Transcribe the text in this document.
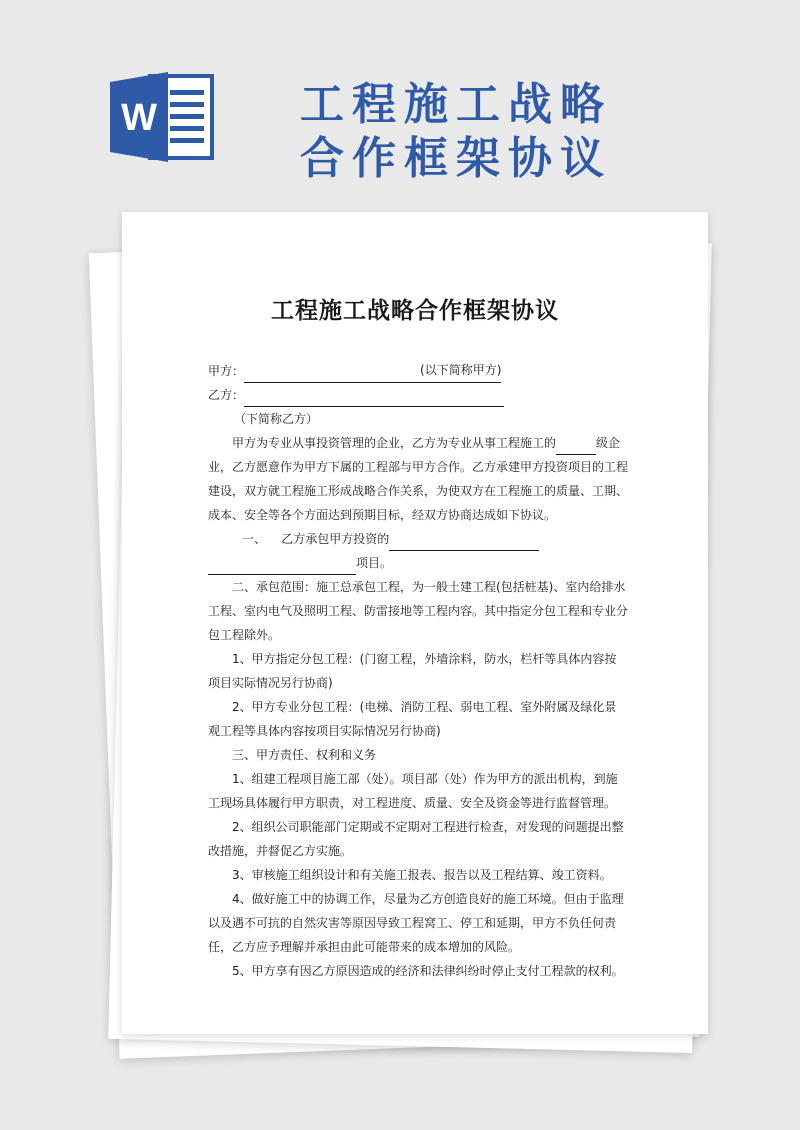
W	工程施工战略
合作框架协议
工程施工战略合作框架协议

甲方：	(以下简称甲方)

乙方：

（下简称乙方）

甲方为专业从事投资管理的企业，乙方为专业从事工程施工的	级企业，乙方愿意作为甲方下属的工程部与甲方合作。乙方承建甲方投资项目的工程建设，双方就工程施工形成战略合作关系，为使双方在工程施工的质量、工期、成本、安全等各个方面达到预期目标，经双方协商达成如下协议。

一、 乙方承包甲方投资的

项目。

二、承包范围：施工总承包工程，为一般土建工程(包括桩基)、室内给排水工程、室内电气及照明工程、防雷接地等工程内容。其中指定分包工程和专业分包工程除外。

1、甲方指定分包工程：(门窗工程，外墙涂料，防水，栏杆等具体内容按项目实际情况另行协商)

2、甲方专业分包工程：(电梯、消防工程、弱电工程、室外附属及绿化景观工程等具体内容按项目实际情况另行协商)

三、甲方责任、权利和义务

1、组建工程项目施工部（处）。项目部（处）作为甲方的派出机构，到施工现场具体履行甲方职责，对工程进度、质量、安全及资金等进行监督管理。

2、组织公司职能部门定期或不定期对工程进行检查，对发现的问题提出整改措施，并督促乙方实施。

3、审核施工组织设计和有关施工报表、报告以及工程结算、竣工资料。

4、做好施工中的协调工作，尽量为乙方创造良好的施工环境。但由于监理以及遇不可抗的自然灾害等原因导致工程窝工、停工和延期，甲方不负任何责任，乙方应予理解并承担由此可能带来的成本增加的风险。

5、甲方享有因乙方原因造成的经济和法律纠纷时停止支付工程款的权利。
